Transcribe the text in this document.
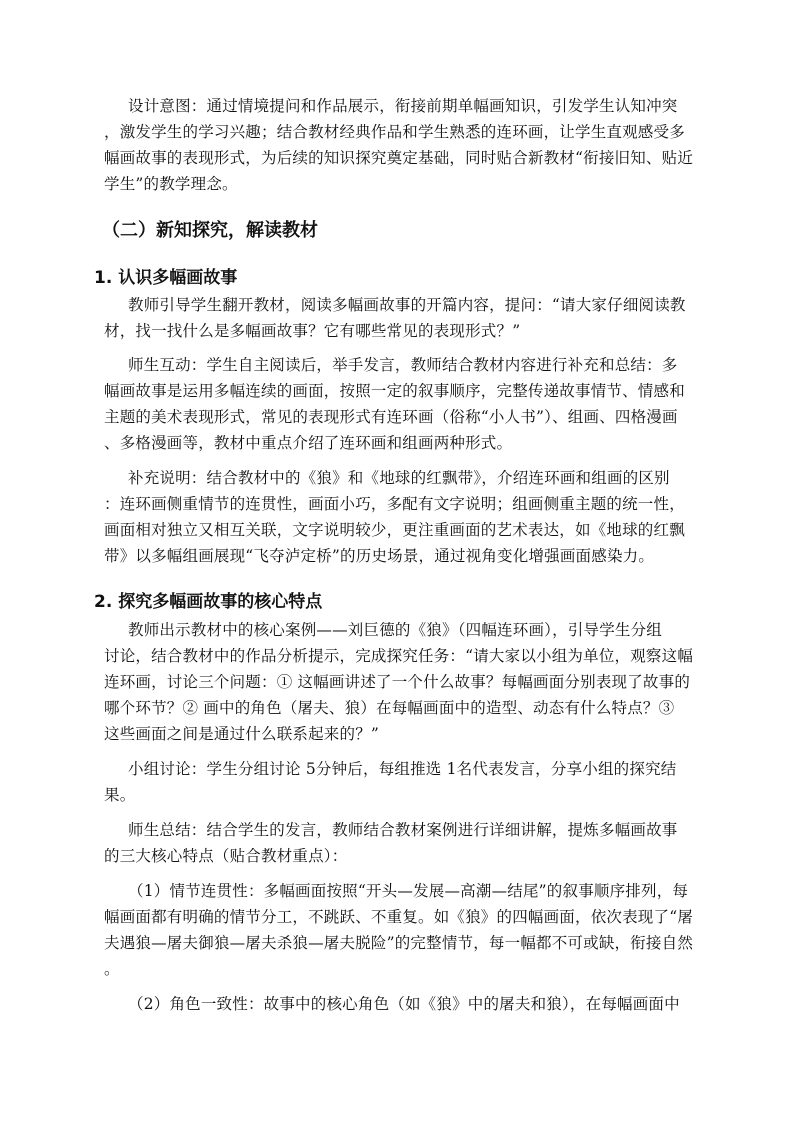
设计意图：通过情境提问和作品展示，衔接前期单幅画知识，引发学生认知冲突
，激发学生的学习兴趣；结合教材经典作品和学生熟悉的连环画，让学生直观感受多
幅画故事的表现形式，为后续的知识探究奠定基础，同时贴合新教材“衔接旧知、贴近
学生”的教学理念。
（二）新知探究，解读教材
1. 认识多幅画故事
教师引导学生翻开教材，阅读多幅画故事的开篇内容，提问：“请大家仔细阅读教
材，找一找什么是多幅画故事？它有哪些常见的表现形式？”
师生互动：学生自主阅读后，举手发言，教师结合教材内容进行补充和总结：多
幅画故事是运用多幅连续的画面，按照一定的叙事顺序，完整传递故事情节、情感和
主题的美术表现形式，常见的表现形式有连环画（俗称“小人书”）、组画、四格漫画
、多格漫画等，教材中重点介绍了连环画和组画两种形式。
补充说明：结合教材中的《狼》和《地球的红飘带》，介绍连环画和组画的区别
：连环画侧重情节的连贯性，画面小巧，多配有文字说明；组画侧重主题的统一性，
画面相对独立又相互关联，文字说明较少，更注重画面的艺术表达，如《地球的红飘
带》以多幅组画展现“飞夺泸定桥”的历史场景，通过视角变化增强画面感染力。
2. 探究多幅画故事的核心特点
教师出示教材中的核心案例——刘巨德的《狼》（四幅连环画），引导学生分组
讨论，结合教材中的作品分析提示，完成探究任务：“请大家以小组为单位，观察这幅
连环画，讨论三个问题：① 这幅画讲述了一个什么故事？每幅画面分别表现了故事的
哪个环节？② 画中的角色（屠夫、狼）在每幅画面中的造型、动态有什么特点？③
这些画面之间是通过什么联系起来的？”
小组讨论：学生分组讨论 5分钟后，每组推选 1名代表发言，分享小组的探究结
果。
师生总结：结合学生的发言，教师结合教材案例进行详细讲解，提炼多幅画故事
的三大核心特点（贴合教材重点）：
（1）情节连贯性：多幅画面按照“开头—发展—高潮—结尾”的叙事顺序排列，每
幅画面都有明确的情节分工，不跳跃、不重复。如《狼》的四幅画面，依次表现了“屠
夫遇狼—屠夫御狼—屠夫杀狼—屠夫脱险”的完整情节，每一幅都不可或缺，衔接自然
。
（2）角色一致性：故事中的核心角色（如《狼》中的屠夫和狼），在每幅画面中
